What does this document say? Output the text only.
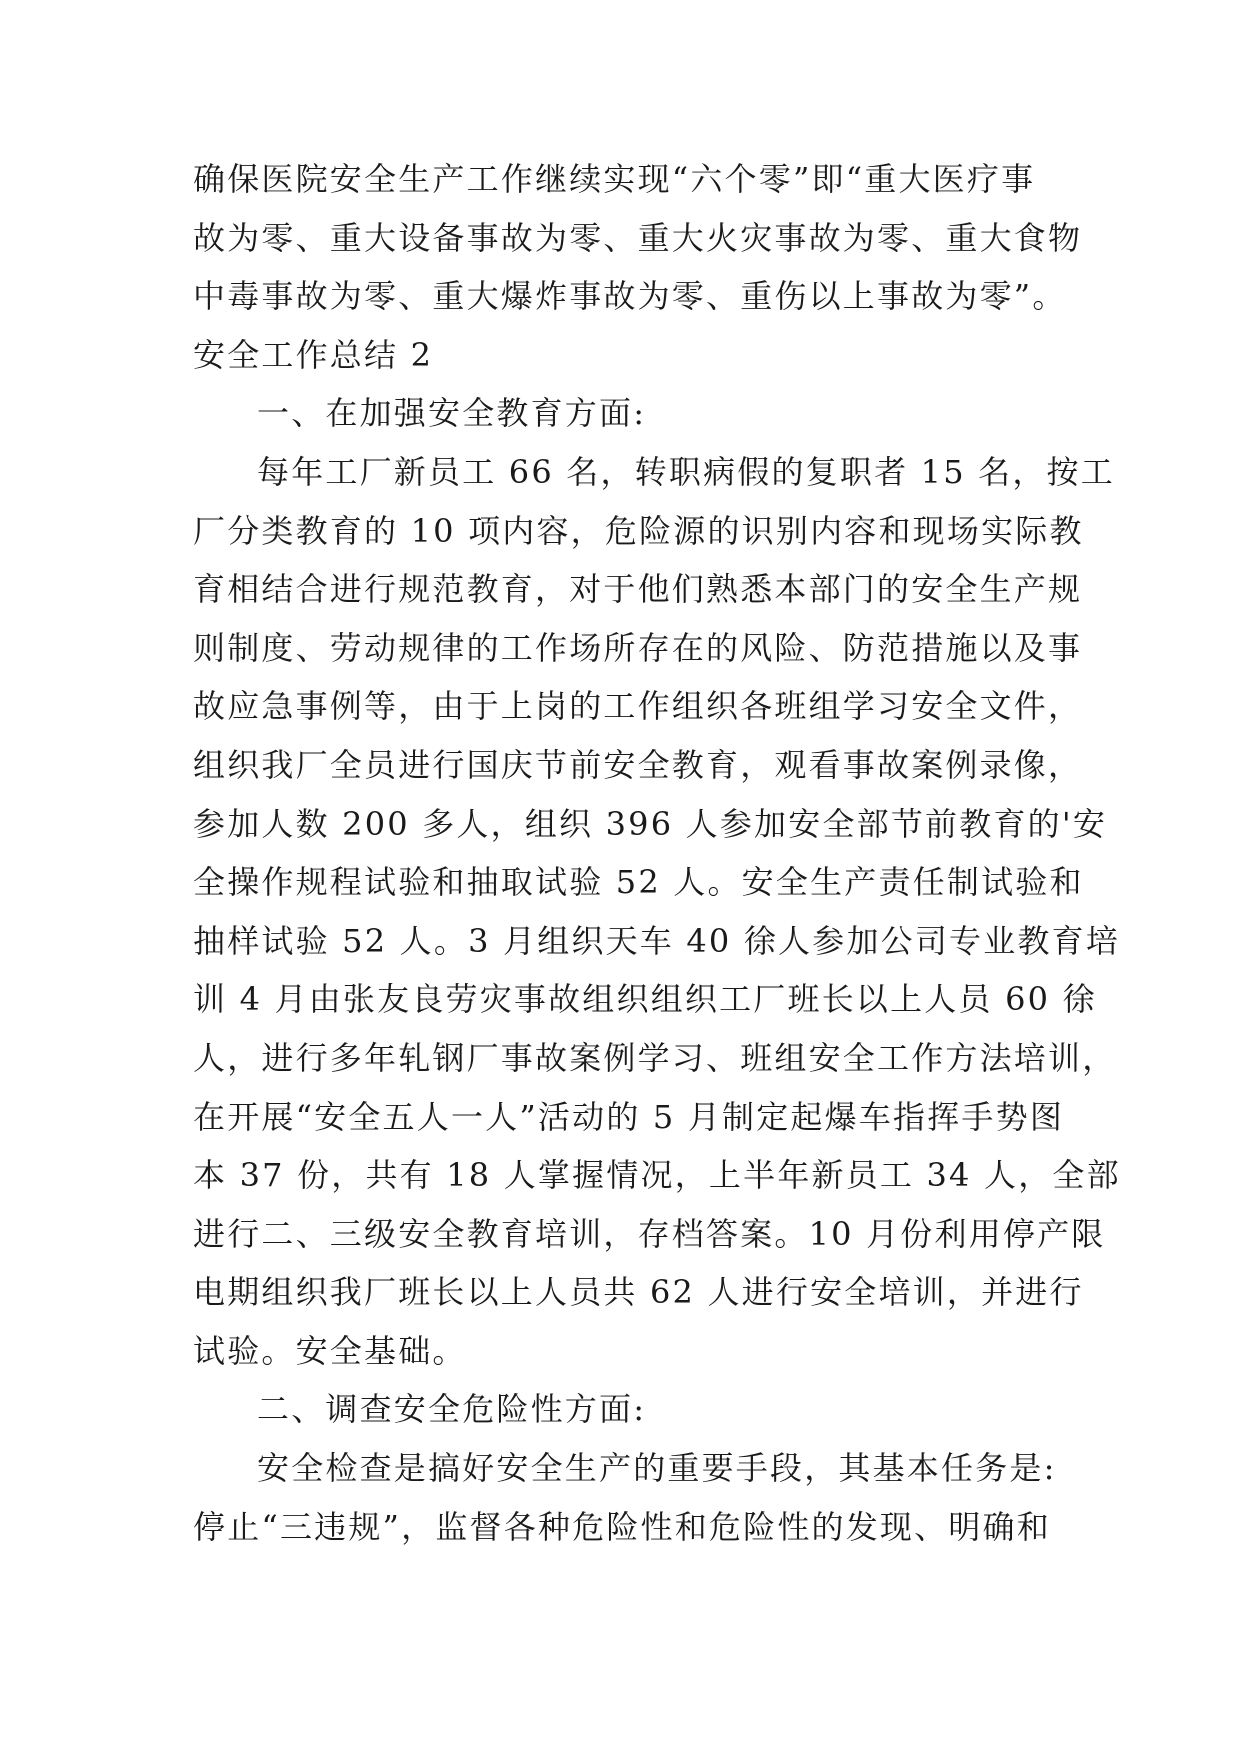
确保医院安全生产工作继续实现“六个零”即“重大医疗事
故为零、重大设备事故为零、重大火灾事故为零、重大食物
中毒事故为零、重大爆炸事故为零、重伤以上事故为零”。
安全工作总结 2
一、在加强安全教育方面:
每年工厂新员工 66 名，转职病假的复职者 15 名，按工
厂分类教育的 10 项内容，危险源的识别内容和现场实际教
育相结合进行规范教育，对于他们熟悉本部门的安全生产规
则制度、劳动规律的工作场所存在的风险、防范措施以及事
故应急事例等，由于上岗的工作组织各班组学习安全文件，
组织我厂全员进行国庆节前安全教育，观看事故案例录像，
参加人数 200 多人，组织 396 人参加安全部节前教育的'安
全操作规程试验和抽取试验 52 人。安全生产责任制试验和
抽样试验 52 人。3 月组织天车 40 徐人参加公司专业教育培
训 4 月由张友良劳灾事故组织组织工厂班长以上人员 60 徐
人，进行多年轧钢厂事故案例学习、班组安全工作方法培训，
在开展“安全五人一人”活动的 5 月制定起爆车指挥手势图
本 37 份，共有 18 人掌握情况，上半年新员工 34 人，全部
进行二、三级安全教育培训，存档答案。10 月份利用停产限
电期组织我厂班长以上人员共 62 人进行安全培训，并进行
试验。安全基础。
二、调查安全危险性方面:
安全检查是搞好安全生产的重要手段，其基本任务是:
停止“三违规”，监督各种危险性和危险性的发现、明确和
